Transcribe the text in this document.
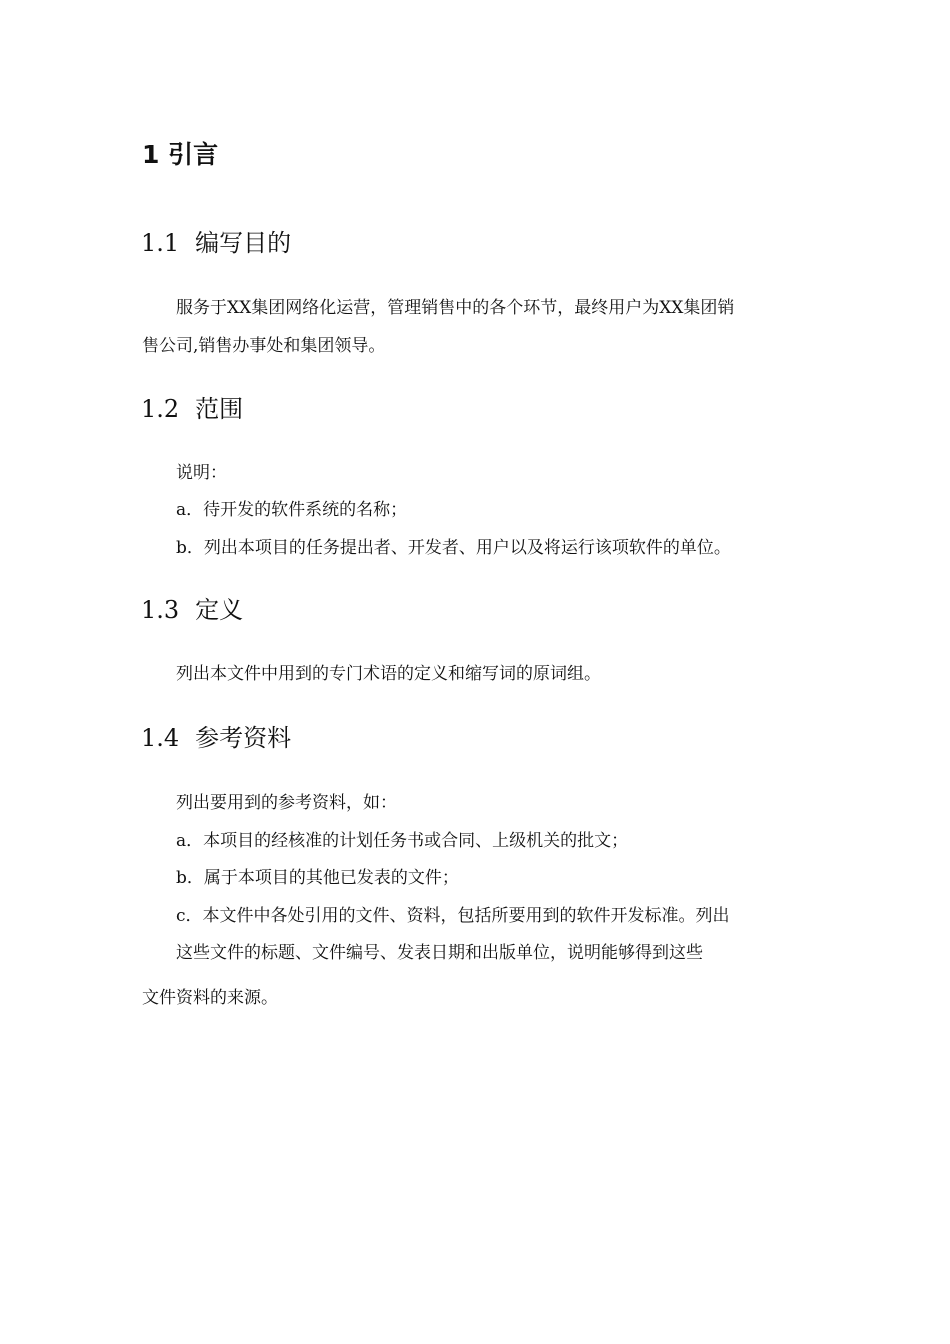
1 引言
1.1 编写目的
服务于XX集团网络化运营，管理销售中的各个环节，最终用户为XX集团销
售公司,销售办事处和集团领导。
1.2 范围
说明：
a．待开发的软件系统的名称；
b．列出本项目的任务提出者、开发者、用户以及将运行该项软件的单位。
1.3 定义
列出本文件中用到的专门术语的定义和缩写词的原词组。
1.4 参考资料
列出要用到的参考资料，如：
a．本项目的经核准的计划任务书或合同、上级机关的批文；
b．属于本项目的其他已发表的文件；
c．本文件中各处引用的文件、资料，包括所要用到的软件开发标准。列出
这些文件的标题、文件编号、发表日期和出版单位，说明能够得到这些
文件资料的来源。
